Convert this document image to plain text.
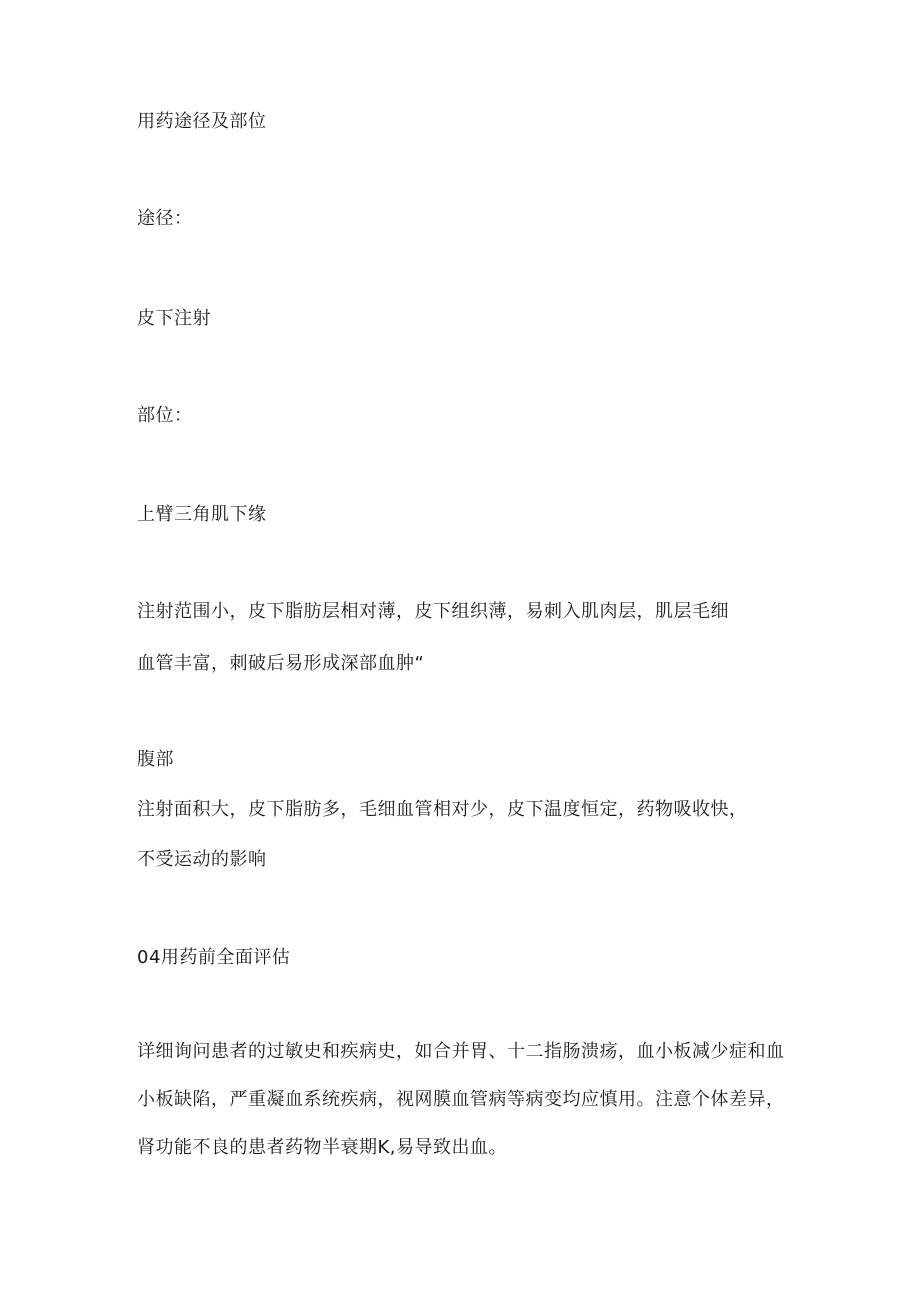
用药途径及部位

途径：

皮下注射

部位：

上臂三角肌下缘

注射范围小，皮下脂肪层相对薄，皮下组织薄，易刺入肌肉层，肌层毛细

血管丰富，刺破后易形成深部血肿“

腹部

注射面积大，皮下脂肪多，毛细血管相对少，皮下温度恒定，药物吸收快，

不受运动的影响

04用药前全面评估

详细询问患者的过敏史和疾病史，如合并胃、十二指肠溃疡，血小板减少症和血

小板缺陷，严重凝血系统疾病，视网膜血管病等病变均应慎用。注意个体差异，

肾功能不良的患者药物半衰期K,易导致出血。
